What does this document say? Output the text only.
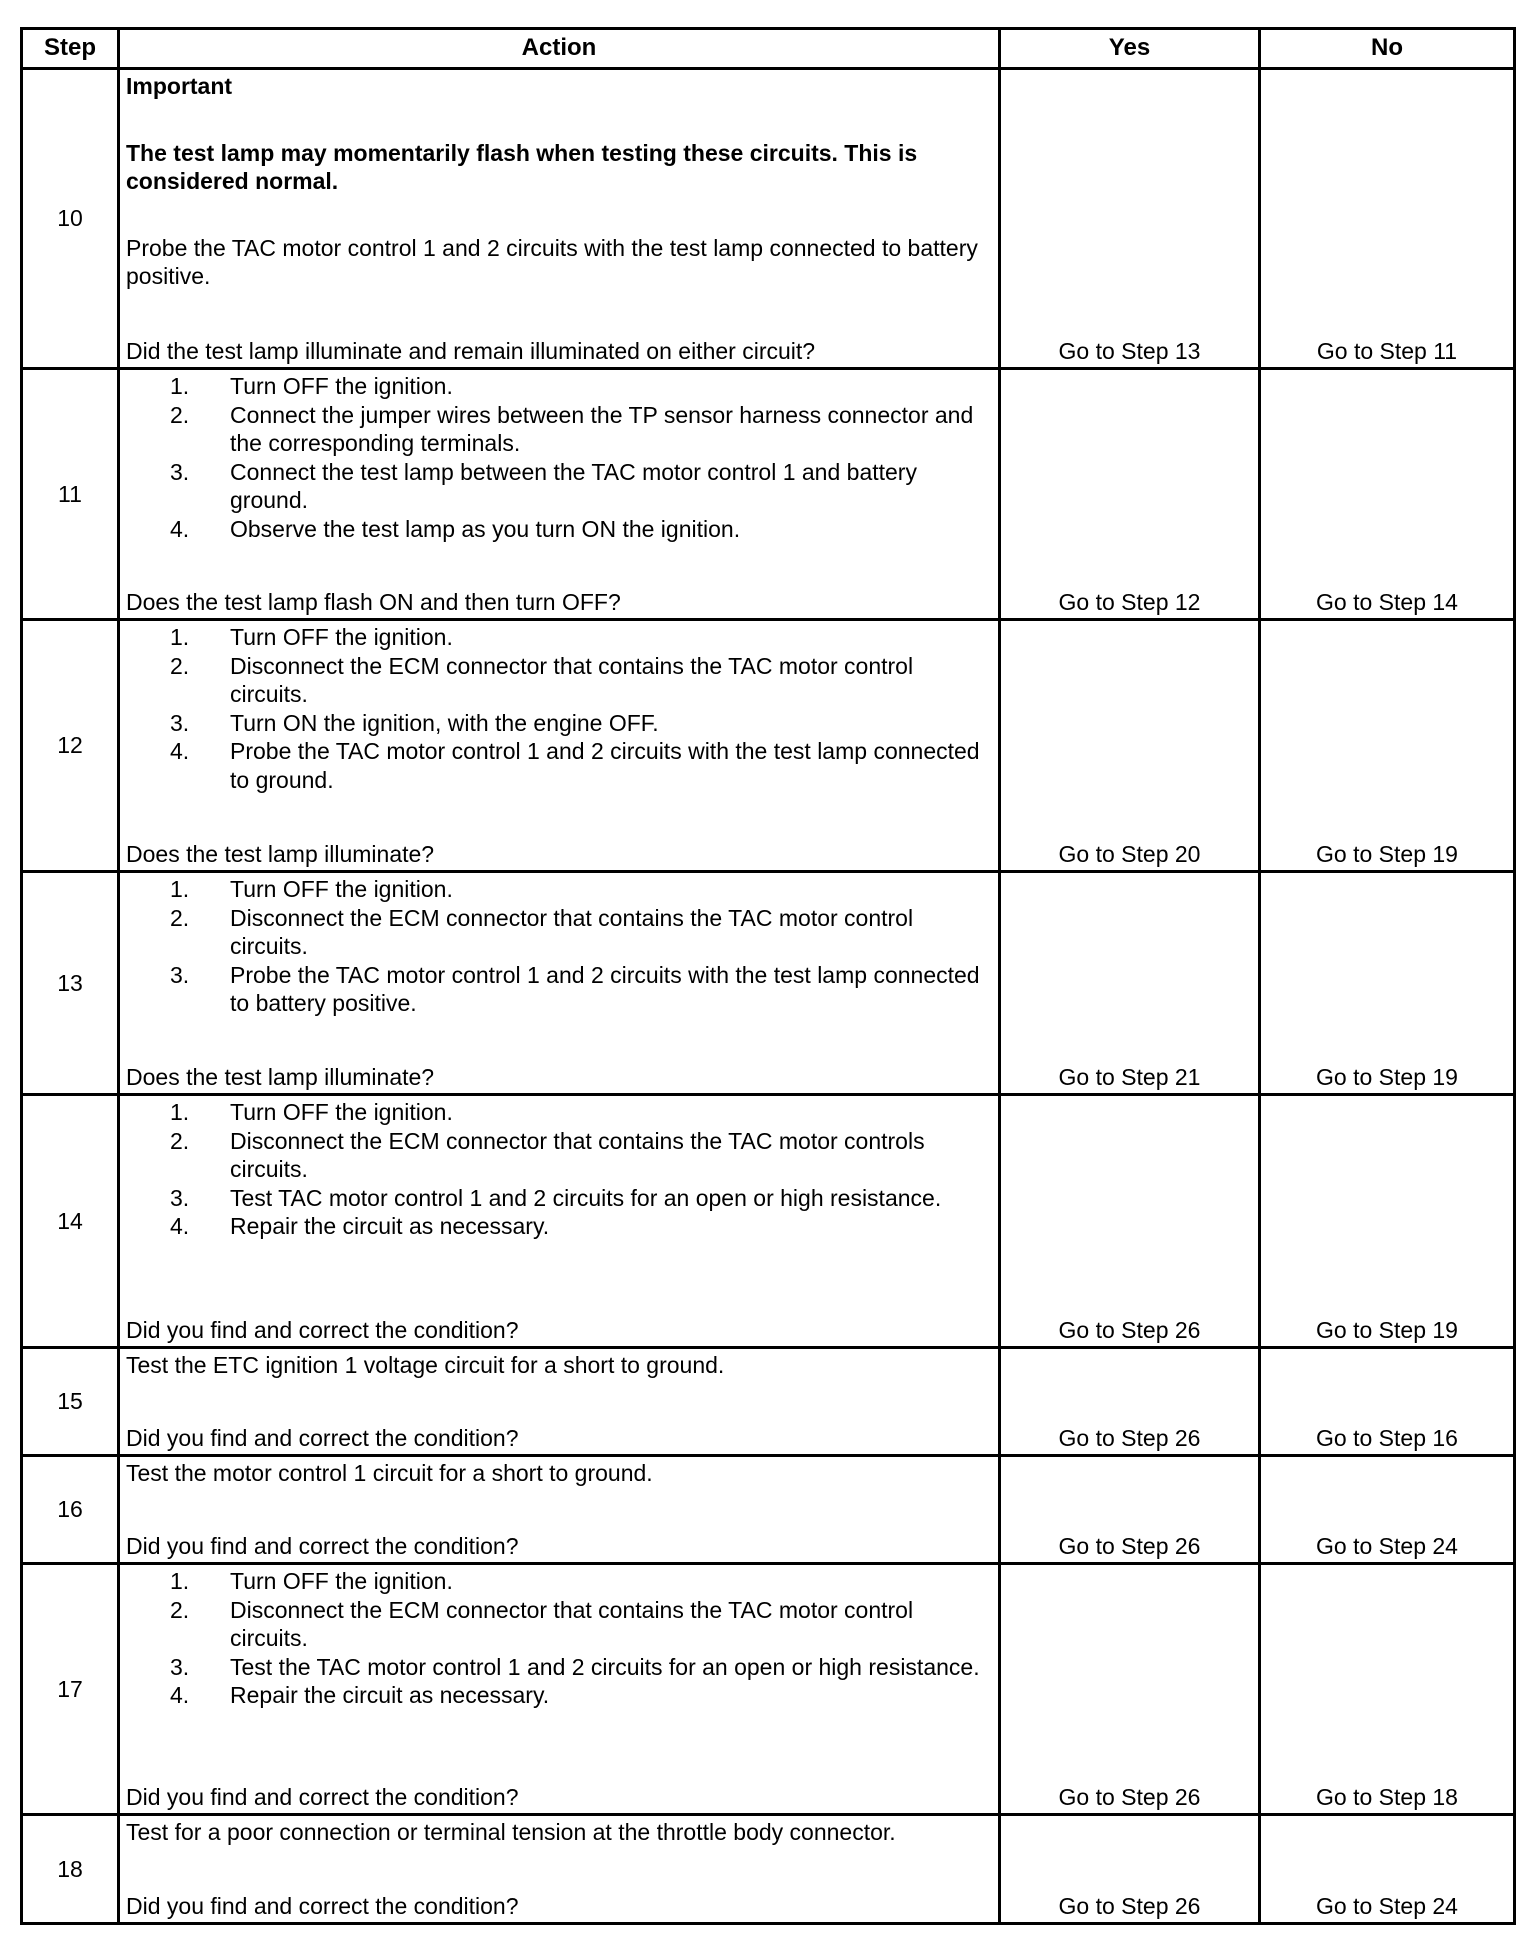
Step	Action	Yes	No
10
Important
The test lamp may momentarily flash when testing these circuits. This is considered normal.
Probe the TAC motor control 1 and 2 circuits with the test lamp connected to battery positive.
Did the test lamp illuminate and remain illuminated on either circuit?	Go to Step 13	Go to Step 11
11
1.	Turn OFF the ignition.
2.	Connect the jumper wires between the TP sensor harness connector and the corresponding terminals.
3.	Connect the test lamp between the TAC motor control 1 and battery ground.
4.	Observe the test lamp as you turn ON the ignition.
Does the test lamp flash ON and then turn OFF?	Go to Step 12	Go to Step 14
12
1.	Turn OFF the ignition.
2.	Disconnect the ECM connector that contains the TAC motor control circuits.
3.	Turn ON the ignition, with the engine OFF.
4.	Probe the TAC motor control 1 and 2 circuits with the test lamp connected to ground.
Does the test lamp illuminate?	Go to Step 20	Go to Step 19
13
1.	Turn OFF the ignition.
2.	Disconnect the ECM connector that contains the TAC motor control circuits.
3.	Probe the TAC motor control 1 and 2 circuits with the test lamp connected to battery positive.
Does the test lamp illuminate?	Go to Step 21	Go to Step 19
14
1.	Turn OFF the ignition.
2.	Disconnect the ECM connector that contains the TAC motor controls circuits.
3.	Test TAC motor control 1 and 2 circuits for an open or high resistance.
4.	Repair the circuit as necessary.
Did you find and correct the condition?	Go to Step 26	Go to Step 19
15
Test the ETC ignition 1 voltage circuit for a short to ground.
Did you find and correct the condition?	Go to Step 26	Go to Step 16
16
Test the motor control 1 circuit for a short to ground.
Did you find and correct the condition?	Go to Step 26	Go to Step 24
17
1.	Turn OFF the ignition.
2.	Disconnect the ECM connector that contains the TAC motor control circuits.
3.	Test the TAC motor control 1 and 2 circuits for an open or high resistance.
4.	Repair the circuit as necessary.
Did you find and correct the condition?	Go to Step 26	Go to Step 18
18
Test for a poor connection or terminal tension at the throttle body connector.
Did you find and correct the condition?	Go to Step 26	Go to Step 24
